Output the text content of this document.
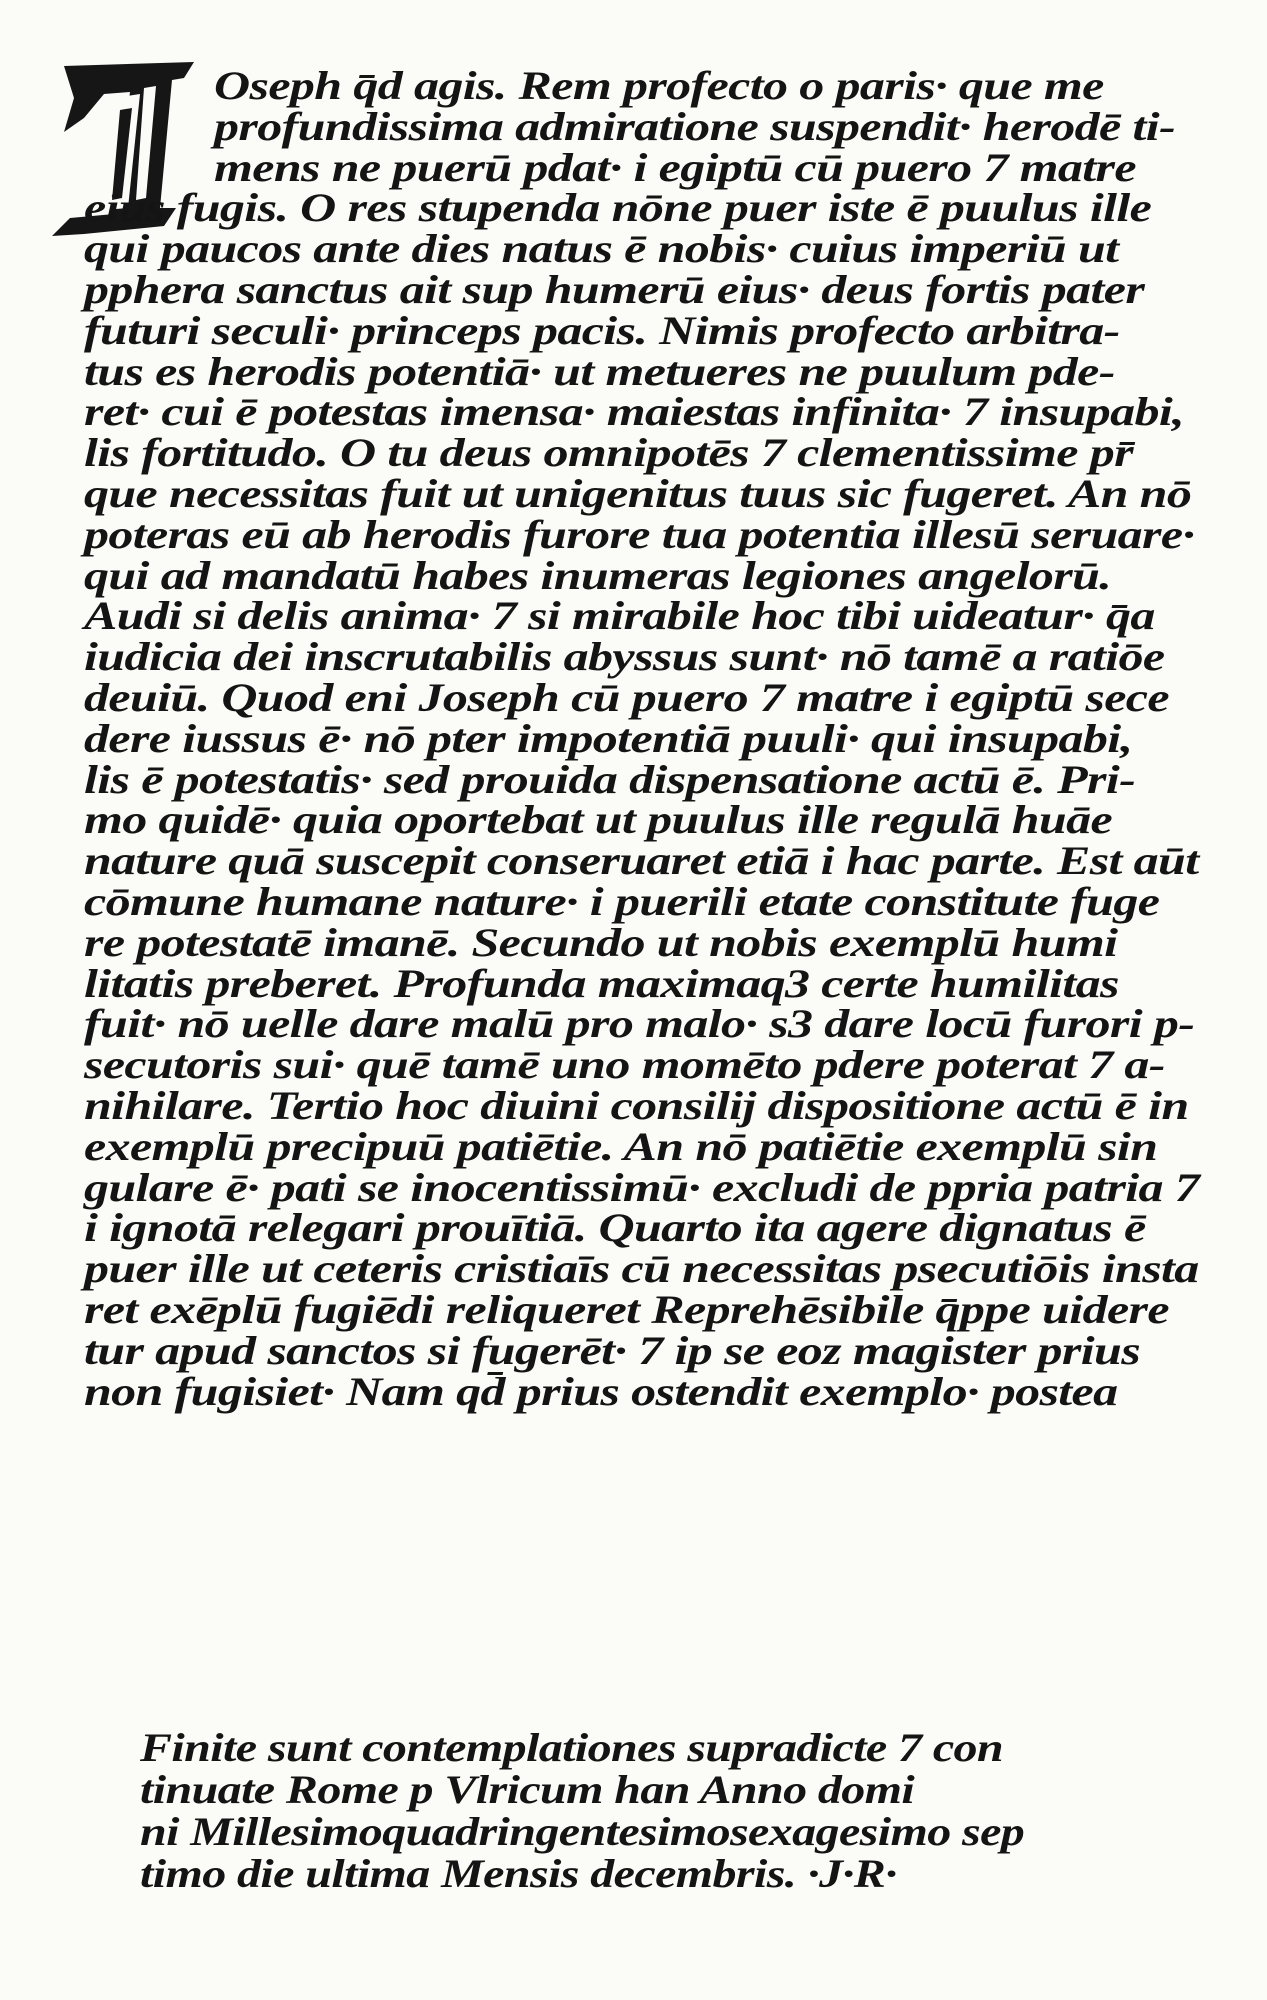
Oseph q̄d agis. Rem profecto o paris· que me
profundissima admiratione suspendit· herodē ti-
mens ne puerū pdat· i egiptū cū puero 7 matre
eius fugis. O res stupenda nōne puer iste ē puulus ille
qui paucos ante dies natus ē nobis· cuius imperiū ut
pphera sanctus ait sup humerū eius· deus fortis pater
futuri seculi· princeps pacis. Nimis profecto arbitra-
tus es herodis potentiā· ut metueres ne puulum pde-
ret· cui ē potestas imensa· maiestas infinita· 7 insupabi,
lis fortitudo. O tu deus omnipotēs 7 clementissime pr̄
que necessitas fuit ut unigenitus tuus sic fugeret. An nō
poteras eū ab herodis furore tua potentia illesū seruare·
qui ad mandatū habes inumeras legiones angelorū.
Audi si delis anima· 7 si mirabile hoc tibi uideatur· q̄a
iudicia dei inscrutabilis abyssus sunt· nō tamē a ratiōe
deuiū. Quod eni Joseph cū puero 7 matre i egiptū sece
dere iussus ē· nō pter impotentiā puuli· qui insupabi,
lis ē potestatis· sed prouida dispensatione actū ē. Pri-
mo quidē· quia oportebat ut puulus ille regulā huāe
nature quā suscepit conseruaret etiā i hac parte. Est aūt
cōmune humane nature· i puerili etate constitute fuge
re potestatē imanē. Secundo ut nobis exemplū humi
litatis preberet. Profunda maximaq3 certe humilitas
fuit· nō uelle dare malū pro malo· s3 dare locū furori p-
secutoris sui· quē tamē uno momēto pdere poterat 7 a-
nihilare. Tertio hoc diuini consilij dispositione actū ē in
exemplū precipuū patiētie. An nō patiētie exemplū sin
gulare ē· pati se inocentissimū· excludi de ppria patria 7
i ignotā relegari prouītiā. Quarto ita agere dignatus ē
puer ille ut ceteris cristiaīs cū necessitas psecutiōis insta
ret exēplū fugiēdi reliqueret Reprehēsibile q̄ppe uidere
tur apud sanctos si fugerēt· 7 ip se eoz magister prius
non fugisiet· Nam qd̄ prius ostendit exemplo· postea
Finite sunt contemplationes supradicte 7 con
tinuate Rome p Vlricum han Anno domi
ni Millesimoquadringentesimosexagesimo sep
timo die ultima Mensis decembris. ·J·R·
